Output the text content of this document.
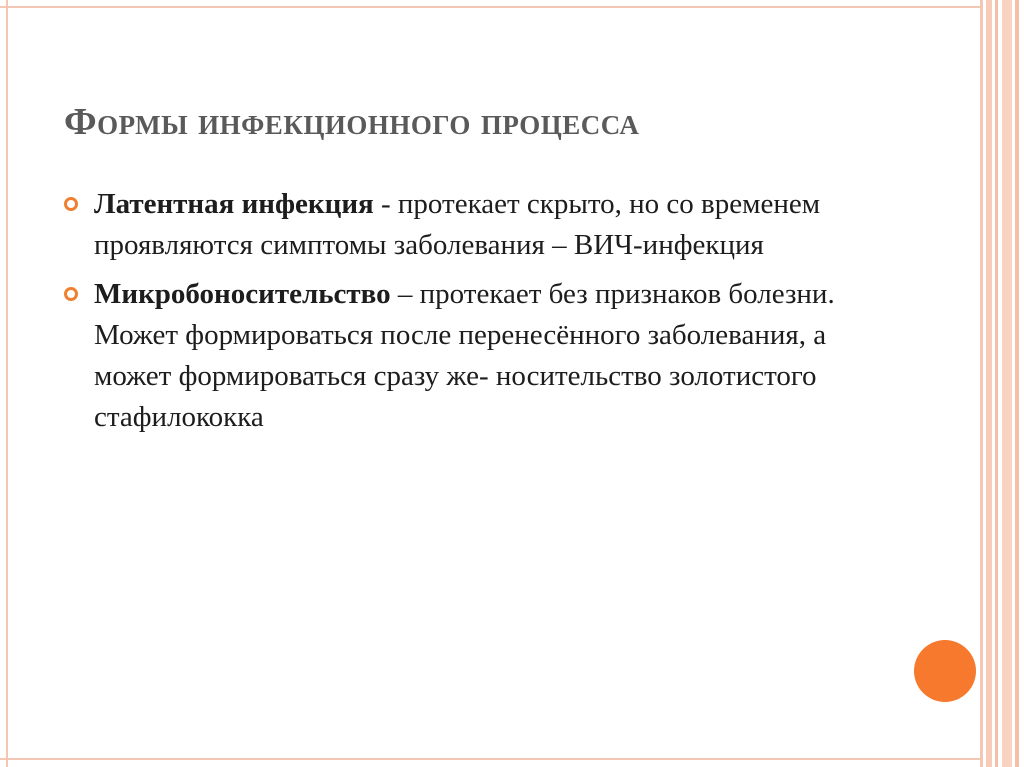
Формы инфекционного процесса
Латентная инфекция - протекает скрыто, но со временем проявляются симптомы заболевания – ВИЧ-инфекция
Микробоносительство – протекает без признаков болезни. Может формироваться после перенесённого заболевания, а может формироваться сразу же- носительство золотистого стафилококка
